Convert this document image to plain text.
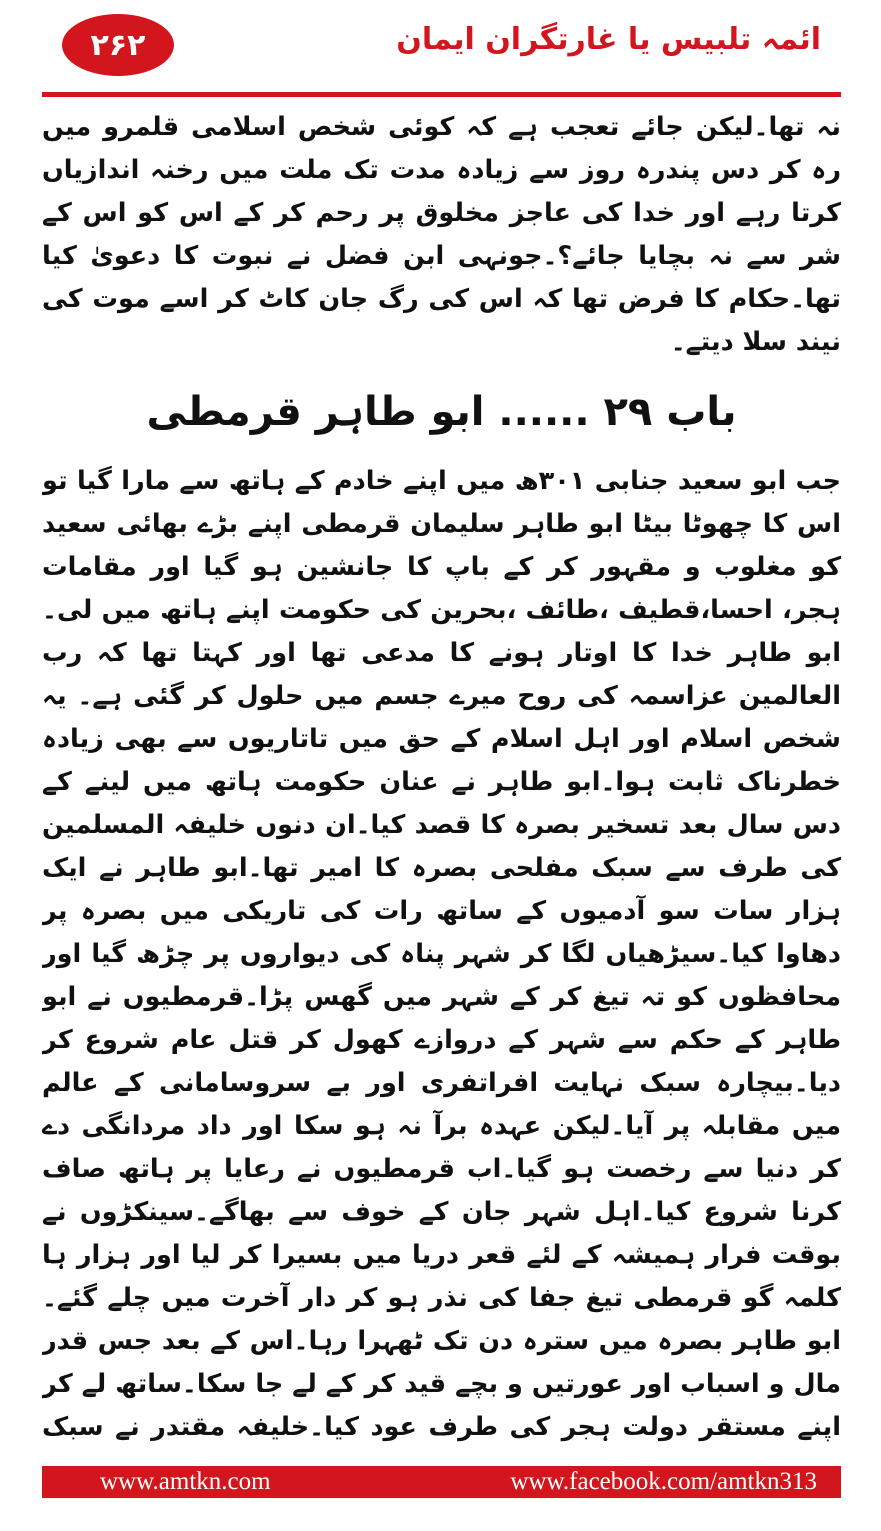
۲۶۲	ائمہ تلبیس یا غارتگران ایمان

نہ تھا۔لیکن جائے تعجب ہے کہ کوئی شخص اسلامی قلمرو میں رہ کر دس پندرہ روز سے زیادہ مدت تک ملت میں رخنہ اندازیاں کرتا رہے اور خدا کی عاجز مخلوق پر رحم کر کے اس کو اس کے شر سے نہ بچایا جائے؟۔جونہی ابن فضل نے نبوت کا دعویٰ کیا تھا۔حکام کا فرض تھا کہ اس کی رگ جان کاٹ کر اسے موت کی نیند سلا دیتے۔

باب ۲۹ ...... ابو طاہر قرمطی

جب ابو سعید جنابی ۳۰۱ھ میں اپنے خادم کے ہاتھ سے مارا گیا تو اس کا چھوٹا بیٹا ابو طاہر سلیمان قرمطی اپنے بڑے بھائی سعید کو مغلوب و مقہور کر کے باپ کا جانشین ہو گیا اور مقامات ہجر، احسا،قطیف ،طائف ،بحرین کی حکومت اپنے ہاتھ میں لی۔ابو طاہر خدا کا اوتار ہونے کا مدعی تھا اور کہتا تھا کہ رب العالمین عزاسمہ کی روح میرے جسم میں حلول کر گئی ہے۔ یہ شخص اسلام اور اہل اسلام کے حق میں تاتاریوں سے بھی زیادہ خطرناک ثابت ہوا۔ابو طاہر نے عنان حکومت ہاتھ میں لینے کے دس سال بعد تسخیر بصرہ کا قصد کیا۔ان دنوں خلیفہ المسلمین کی طرف سے سبک مفلحی بصرہ کا امیر تھا۔ابو طاہر نے ایک ہزار سات سو آدمیوں کے ساتھ رات کی تاریکی میں بصرہ پر دھاوا کیا۔سیڑھیاں لگا کر شہر پناہ کی دیواروں پر چڑھ گیا اور محافظوں کو تہ تیغ کر کے شہر میں گھس پڑا۔قرمطیوں نے ابو طاہر کے حکم سے شہر کے دروازے کھول کر قتل عام شروع کر دیا۔بیچارہ سبک نہایت افراتفری اور بے سروسامانی کے عالم میں مقابلہ پر آیا۔لیکن عہدہ برآ نہ ہو سکا اور داد مردانگی دے کر دنیا سے رخصت ہو گیا۔اب قرمطیوں نے رعایا پر ہاتھ صاف کرنا شروع کیا۔اہل شہر جان کے خوف سے بھاگے۔سینکڑوں نے بوقت فرار ہمیشہ کے لئے قعر دریا میں بسیرا کر لیا اور ہزار ہا کلمہ گو قرمطی تیغ جفا کی نذر ہو کر دار آخرت میں چلے گئے۔ابو طاہر بصرہ میں سترہ دن تک ٹھہرا رہا۔اس کے بعد جس قدر مال و اسباب اور عورتیں و بچے قید کر کے لے جا سکا۔ساتھ لے کر اپنے مستقر دولت ہجر کی طرف عود کیا۔خلیفہ مقتدر نے سبک

www.amtkn.com	www.facebook.com/amtkn313
